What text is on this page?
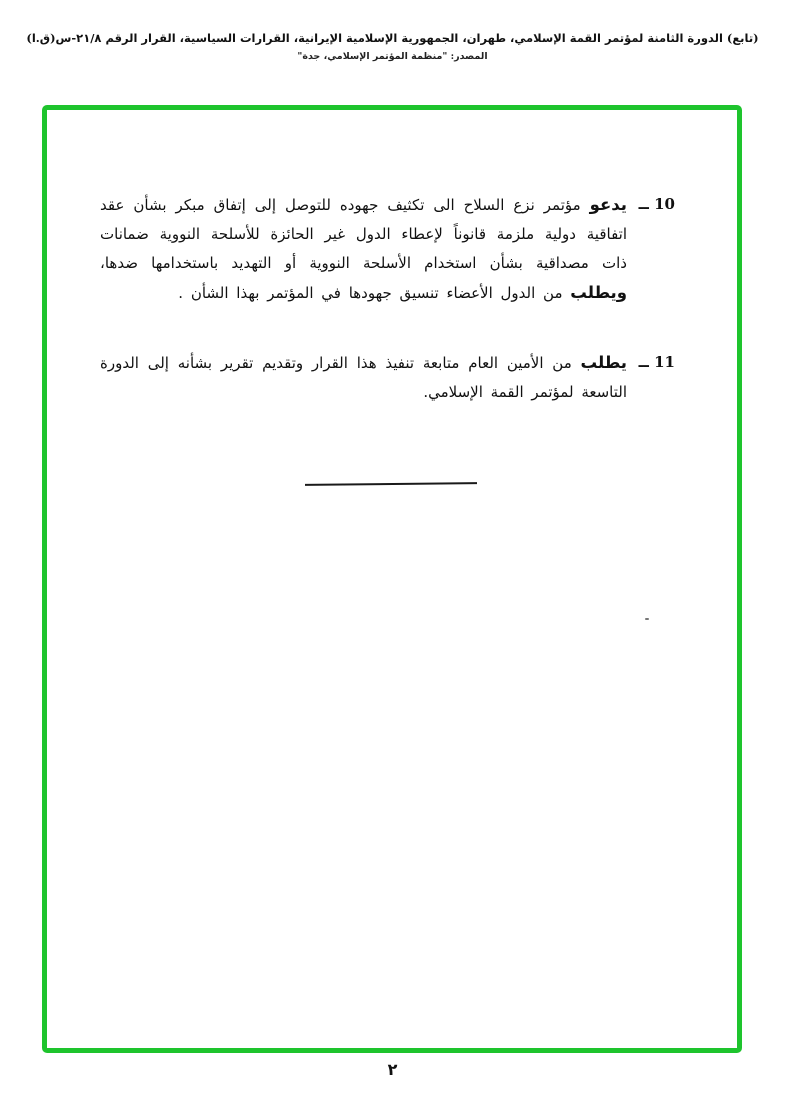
(تابع) الدورة الثامنة لمؤتمر القمة الإسلامي، طهران، الجمهورية الإسلامية الإيرانية، القرارات السياسية، القرار الرقم ٢١/٨-س(ق.ا)
المصدر: "منظمة المؤتمر الإسلامي، جدة"
10 ــ
يدعو مؤتمر نزع السلاح الى تكثيف جهوده للتوصل إلى إتفاق مبكر بشأن عقد اتفاقية دولية ملزمة قانوناً لإعطاء الدول غير الحائزة للأسلحة النووية ضمانات ذات مصداقية بشأن استخدام الأسلحة النووية أو التهديد باستخدامها ضدها، ويطلب من الدول الأعضاء تنسيق جهودها في المؤتمر بهذا الشأن .
11 ــ
يطلب من الأمين العام متابعة تنفيذ هذا القرار وتقديم تقرير بشأنه إلى الدورة التاسعة لمؤتمر القمة الإسلامي.
٢
